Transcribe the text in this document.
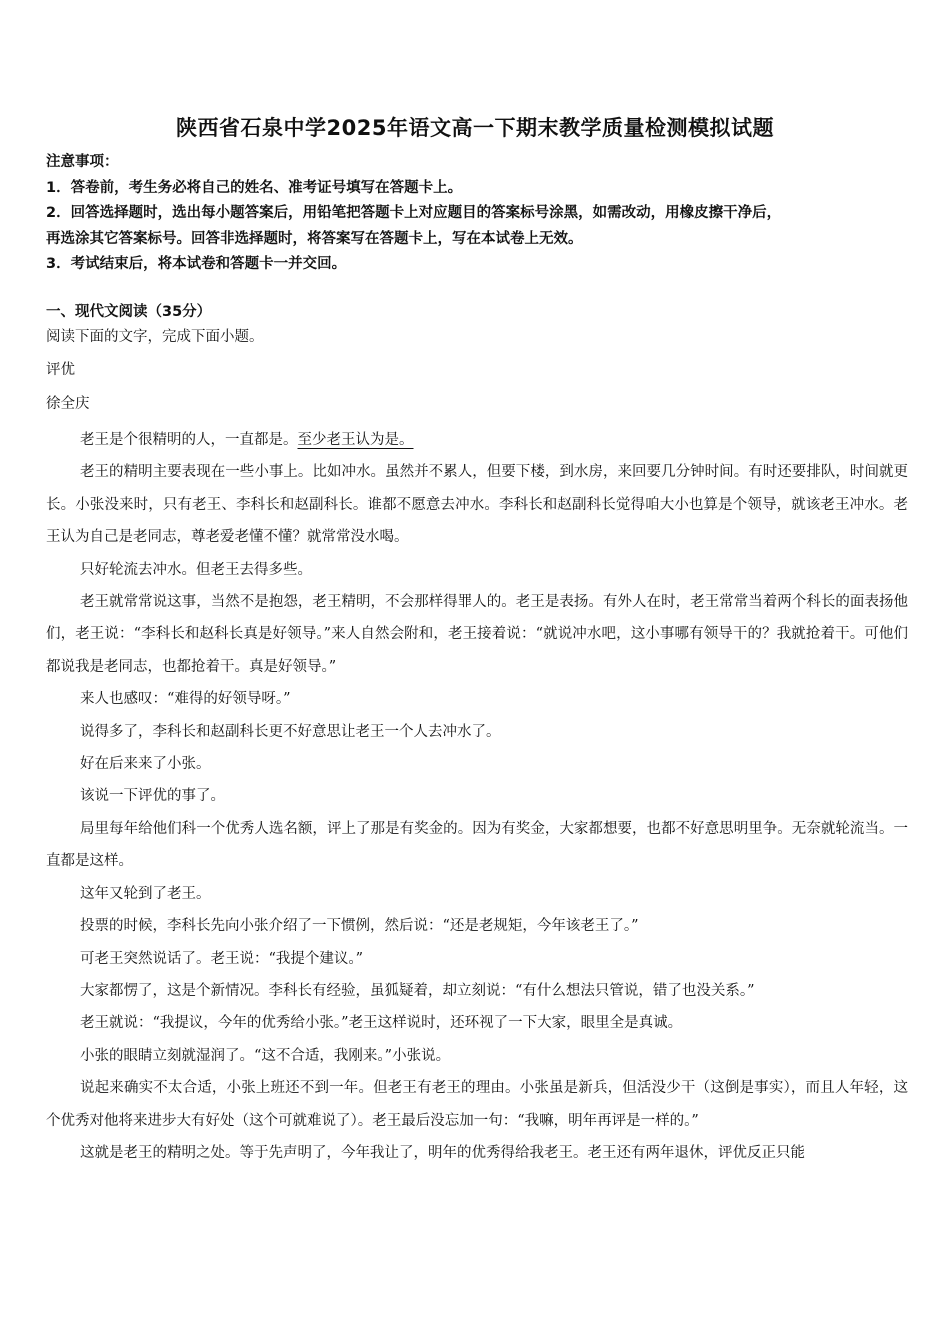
陕西省石泉中学2025年语文高一下期末教学质量检测模拟试题
注意事项：
1．答卷前，考生务必将自己的姓名、准考证号填写在答题卡上。
2．回答选择题时，选出每小题答案后，用铅笔把答题卡上对应题目的答案标号涂黑，如需改动，用橡皮擦干净后，
再选涂其它答案标号。回答非选择题时，将答案写在答题卡上，写在本试卷上无效。
3．考试结束后，将本试卷和答题卡一并交回。
一、现代文阅读（35分）
阅读下面的文字，完成下面小题。
评优
徐全庆

老王是个很精明的人，一直都是。至少老王认为是。

老王的精明主要表现在一些小事上。比如冲水。虽然并不累人，但要下楼，到水房，来回要几分钟时间。有时还要排队，时间就更长。小张没来时，只有老王、李科长和赵副科长。谁都不愿意去冲水。李科长和赵副科长觉得咱大小也算是个领导，就该老王冲水。老王认为自己是老同志，尊老爱老懂不懂？就常常没水喝。

只好轮流去冲水。但老王去得多些。

老王就常常说这事，当然不是抱怨，老王精明，不会那样得罪人的。老王是表扬。有外人在时，老王常常当着两个科长的面表扬他们，老王说：“李科长和赵科长真是好领导。”来人自然会附和，老王接着说：“就说冲水吧，这小事哪有领导干的？我就抢着干。可他们都说我是老同志，也都抢着干。真是好领导。”

来人也感叹：“难得的好领导呀。”

说得多了，李科长和赵副科长更不好意思让老王一个人去冲水了。

好在后来来了小张。

该说一下评优的事了。

局里每年给他们科一个优秀人选名额，评上了那是有奖金的。因为有奖金，大家都想要，也都不好意思明里争。无奈就轮流当。一直都是这样。

这年又轮到了老王。

投票的时候，李科长先向小张介绍了一下惯例，然后说：“还是老规矩，今年该老王了。”

可老王突然说话了。老王说：“我提个建议。”

大家都愣了，这是个新情况。李科长有经验，虽狐疑着，却立刻说：“有什么想法只管说，错了也没关系。”

老王就说：“我提议，今年的优秀给小张。”老王这样说时，还环视了一下大家，眼里全是真诚。

小张的眼睛立刻就湿润了。“这不合适，我刚来。”小张说。

说起来确实不太合适，小张上班还不到一年。但老王有老王的理由。小张虽是新兵，但活没少干（这倒是事实），而且人年轻，这个优秀对他将来进步大有好处（这个可就难说了）。老王最后没忘加一句：“我嘛，明年再评是一样的。”

这就是老王的精明之处。等于先声明了，今年我让了，明年的优秀得给我老王。老王还有两年退休，评优反正只能
